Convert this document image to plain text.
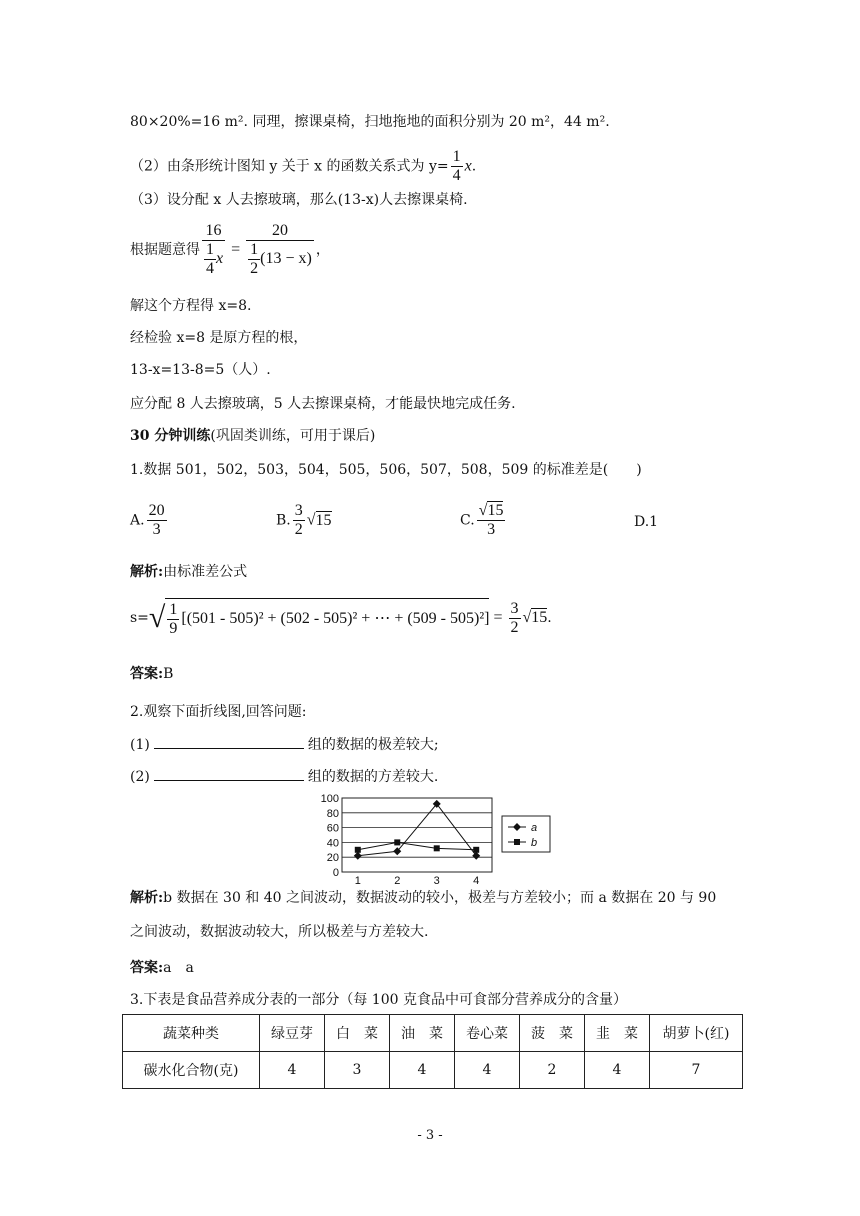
80×20%=16 m². 同理，擦课桌椅，扫地拖地的面积分别为 20 m²，44 m².
（2）由条形统计图知 y 关于 x 的函数关系式为 $y= \frac{1}{4} x$.
（3）设分配 x 人去擦玻璃，那么(13-x)人去擦课桌椅.
根据题意得 $\frac{16}{\frac{1}{4} x} = \frac{20}{\frac{1}{2} (13 - x)}$ ，
解这个方程得 x=8.
经检验 x=8 是原方程的根，
13-x=13-8=5（人）.
应分配 8 人去擦玻璃，5 人去擦课桌椅，才能最快地完成任务.
30 分钟训练(巩固类训练，可用于课后)
1.数据 501，502，503，504，505，506，507，508，509 的标准差是(　　)
A. $\frac{20}{3}$	B. $\frac{3}{2} √15$	C. $\frac{√15}{3}$	D.1
解析:由标准差公式
$s=√ \frac{1}{9} [(501 - 505)^2 + (502 - 505)^2$ + ⋯ + $(509 - 505)^2] = \frac{3}{2} √15$.
答案:B
2.观察下面折线图,回答问题:
(1)	组的数据的极差较大;
(2)	组的数据的方差较大.
0
20
40
60
80
100
1	2	3	4
a
b
解析:b 数据在 30 和 40 之间波动，数据波动的较小，极差与方差较小；而 a 数据在 20 与 90
之间波动，数据波动较大，所以极差与方差较大.
答案:a　a
3.下表是食品营养成分表的一部分（每 100 克食品中可食部分营养成分的含量）
蔬菜种类	绿豆芽	白　菜	油　菜	卷心菜	菠　菜	韭　菜	胡萝卜(红)
碳水化合物(克)	4	3	4	4	2	4	7
- 3 -
